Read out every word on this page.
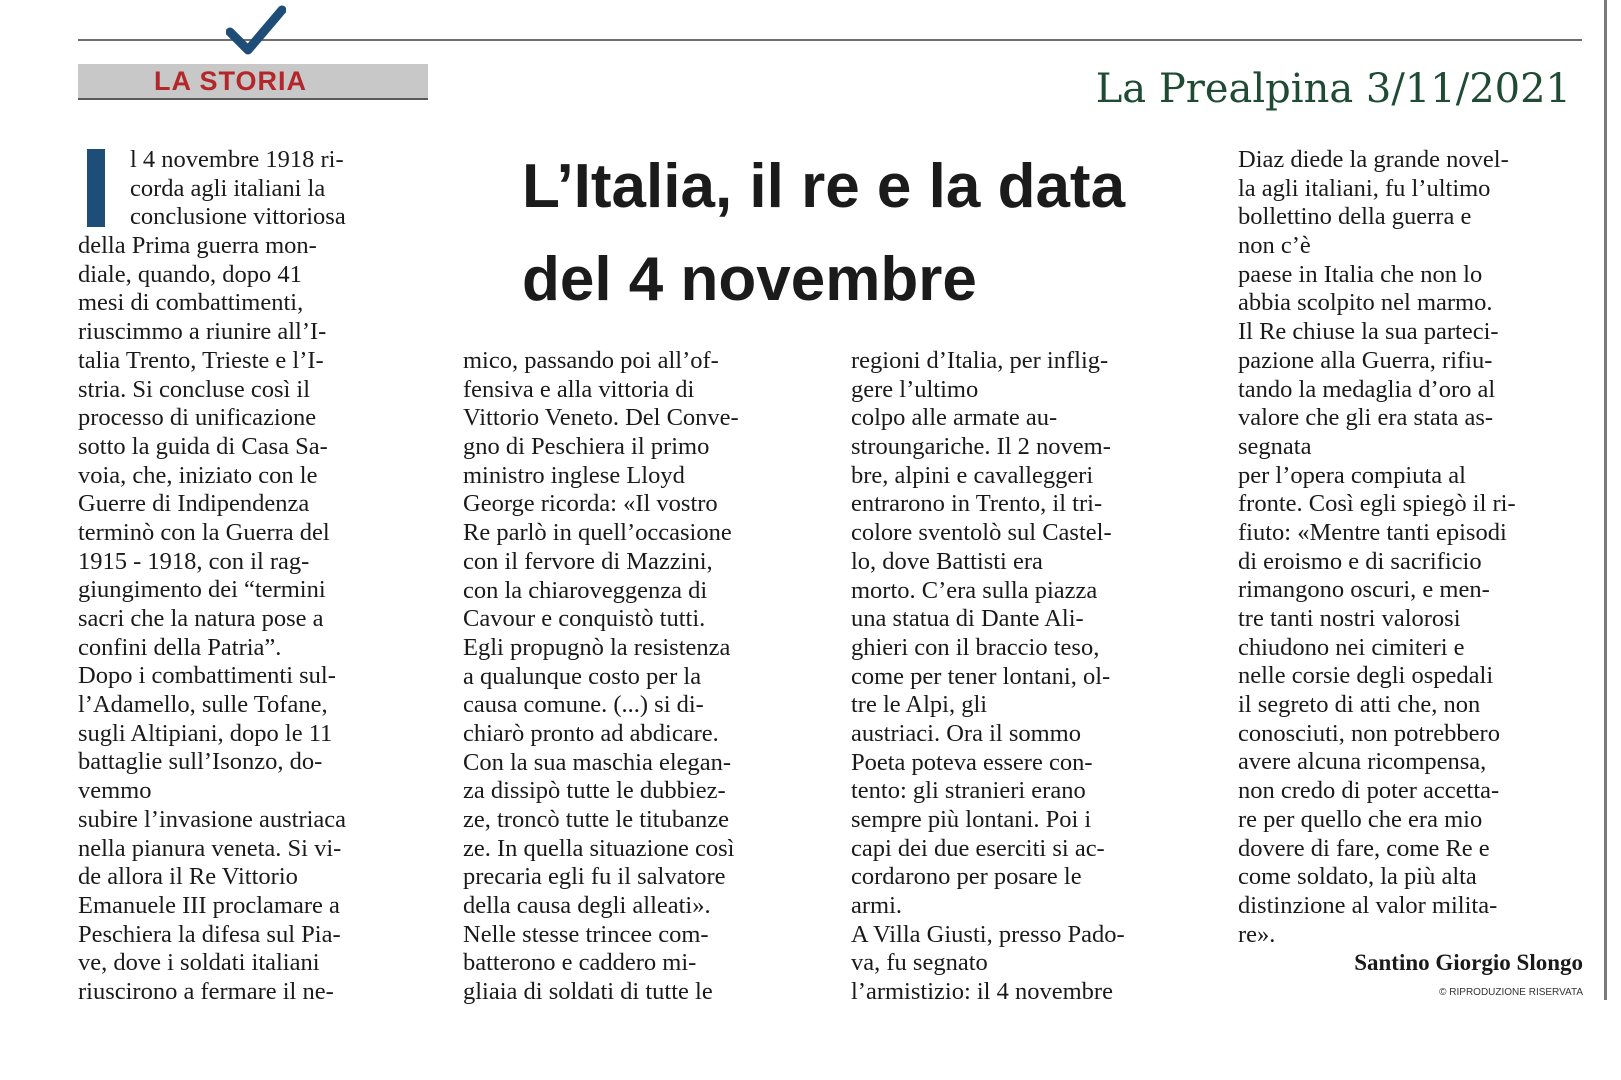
LA STORIA	La Prealpina 3/11/2021
L’Italia, il re e la data
del 4 novembre
l 4 novembre 1918 ri-
corda agli italiani la
conclusione vittoriosa
della Prima guerra mon-
diale, quando, dopo 41
mesi di combattimenti,
riuscimmo a riunire all’I-
talia Trento, Trieste e l’I-
stria. Si concluse così il
processo di unificazione
sotto la guida di Casa Sa-
voia, che, iniziato con le
Guerre di Indipendenza
terminò con la Guerra del
1915 - 1918, con il rag-
giungimento dei “termini
sacri che la natura pose a
confini della Patria”.
Dopo i combattimenti sul-
l’Adamello, sulle Tofane,
sugli Altipiani, dopo le 11
battaglie sull’Isonzo, do-
vemmo
subire l’invasione austriaca
nella pianura veneta. Si vi-
de allora il Re Vittorio
Emanuele III proclamare a
Peschiera la difesa sul Pia-
ve, dove i soldati italiani
riuscirono a fermare il ne-
mico, passando poi all’of-
fensiva e alla vittoria di
Vittorio Veneto. Del Conve-
gno di Peschiera il primo
ministro inglese Lloyd
George ricorda: «Il vostro
Re parlò in quell’occasione
con il fervore di Mazzini,
con la chiaroveggenza di
Cavour e conquistò tutti.
Egli propugnò la resistenza
a qualunque costo per la
causa comune. (...) si di-
chiarò pronto ad abdicare.
Con la sua maschia elegan-
za dissipò tutte le dubbiez-
ze, troncò tutte le titubanze
ze. In quella situazione così
precaria egli fu il salvatore
della causa degli alleati».
Nelle stesse trincee com-
batterono e caddero mi-
gliaia di soldati di tutte le
regioni d’Italia, per inflig-
gere l’ultimo
colpo alle armate au-
stroungariche. Il 2 novem-
bre, alpini e cavalleggeri
entrarono in Trento, il tri-
colore sventolò sul Castel-
lo, dove Battisti era
morto. C’era sulla piazza
una statua di Dante Ali-
ghieri con il braccio teso,
come per tener lontani, ol-
tre le Alpi, gli
austriaci. Ora il sommo
Poeta poteva essere con-
tento: gli stranieri erano
sempre più lontani. Poi i
capi dei due eserciti si ac-
cordarono per posare le
armi.
A Villa Giusti, presso Pado-
va, fu segnato
l’armistizio: il 4 novembre
Diaz diede la grande novel-
la agli italiani, fu l’ultimo
bollettino della guerra e
non c’è
paese in Italia che non lo
abbia scolpito nel marmo.
Il Re chiuse la sua parteci-
pazione alla Guerra, rifiu-
tando la medaglia d’oro al
valore che gli era stata as-
segnata
per l’opera compiuta al
fronte. Così egli spiegò il ri-
fiuto: «Mentre tanti episodi
di eroismo e di sacrificio
rimangono oscuri, e men-
tre tanti nostri valorosi
chiudono nei cimiteri e
nelle corsie degli ospedali
il segreto di atti che, non
conosciuti, non potrebbero
avere alcuna ricompensa,
non credo di poter accetta-
re per quello che era mio
dovere di fare, come Re e
come soldato, la più alta
distinzione al valor milita-
re».
Santino Giorgio Slongo
© RIPRODUZIONE RISERVATA
